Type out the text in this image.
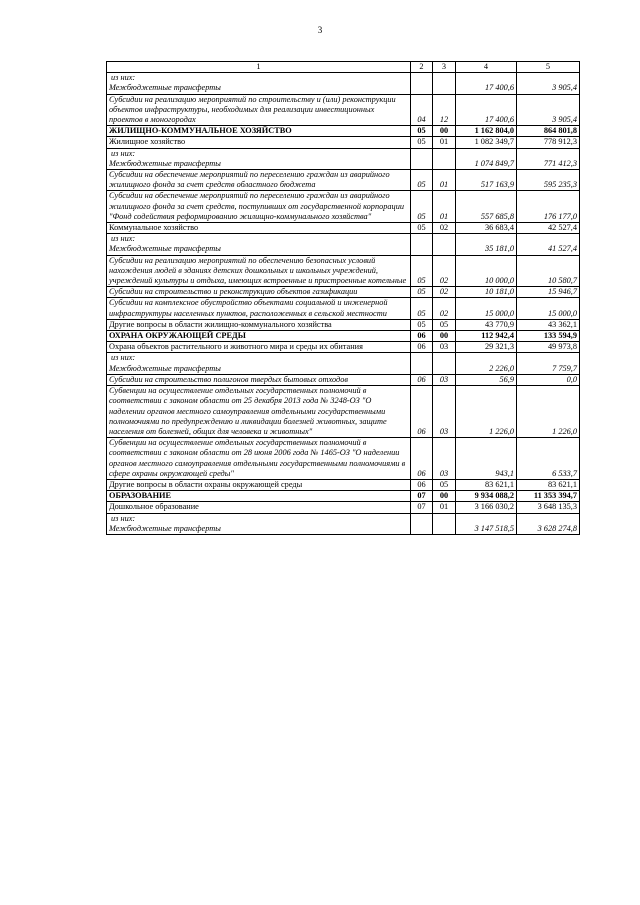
3
1	2	3	4	5

из них:
Межбюджетные трансферты			17 400,6	3 905,4
Субсидии на реализацию мероприятий по строительству и (или) реконструкции объектов инфраструктуры, необходимых для реализации инвестиционных проектов в моногородах	04	12	17 400,6	3 905,4
ЖИЛИЩНО-КОММУНАЛЬНОЕ ХОЗЯЙСТВО	05	00	1 162 804,0	864 801,8
Жилищное хозяйство	05	01	1 082 349,7	778 912,3

из них:
Межбюджетные трансферты			1 074 849,7	771 412,3
Субсидии на обеспечение мероприятий по переселению граждан из аварийного жилищного фонда за счет средств областного бюджета	05	01	517 163,9	595 235,3
Субсидии на обеспечение мероприятий по переселению граждан из аварийного жилищного фонда за счет средств, поступивших от государственной корпорации "Фонд содействия реформированию жилищно-коммунального хозяйства"	05	01	557 685,8	176 177,0
Коммунальное хозяйство	05	02	36 683,4	42 527,4

из них:
Межбюджетные трансферты			35 181,0	41 527,4
Субсидии на реализацию мероприятий по обеспечению безопасных условий нахождения людей в зданиях детских дошкольных и школьных учреждений, учреждений культуры и отдыха, имеющих встроенные и пристроенные котельные	05	02	10 000,0	10 580,7
Субсидии на строительство и реконструкцию объектов газификации	05	02	10 181,0	15 946,7
Субсидии на комплексное обустройство объектами социальной и инженерной инфраструктуры населенных пунктов, расположенных в сельской местности	05	02	15 000,0	15 000,0
Другие вопросы в области жилищно-коммунального хозяйства	05	05	43 770,9	43 362,1
ОХРАНА ОКРУЖАЮЩЕЙ СРЕДЫ	06	00	112 942,4	133 594,9
Охрана объектов растительного и животного мира и среды их обитания	06	03	29 321,3	49 973,8

из них:
Межбюджетные трансферты			2 226,0	7 759,7
Субсидии на строительство полигонов твердых бытовых отходов	06	03	56,9	0,0
Субвенции на осуществление отдельных государственных полномочий в соответствии с законом области от 25 декабря 2013 года № 3248-ОЗ "О наделении органов местного самоуправления отдельными государственными полномочиями по предупреждению и ликвидации болезней животных, защите населения от болезней, общих для человека и животных"	06	03	1 226,0	1 226,0
Субвенции на осуществление отдельных государственных полномочий в соответствии с законом области от 28 июня 2006 года № 1465-ОЗ "О наделении органов местного самоуправления отдельными государственными полномочиями в сфере охраны окружающей среды"	06	03	943,1	6 533,7
Другие вопросы в области охраны окружающей среды	06	05	83 621,1	83 621,1
ОБРАЗОВАНИЕ	07	00	9 934 088,2	11 353 394,7
Дошкольное образование	07	01	3 166 030,2	3 648 135,3

из них:
Межбюджетные трансферты			3 147 518,5	3 628 274,8
